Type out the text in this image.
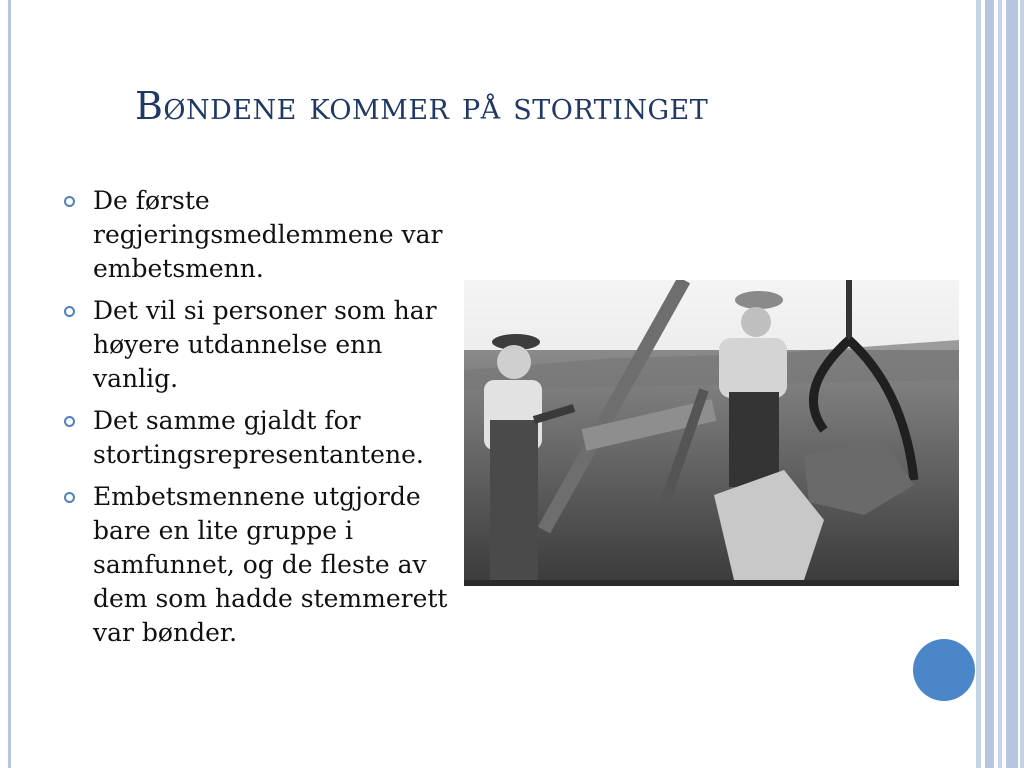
Bøndene kommer på stortinget
De første regjeringsmedlemmene var embetsmenn.
Det vil si personer som har høyere utdannelse enn vanlig.
Det samme gjaldt for stortingsrepresentantene.
Embetsmennene utgjorde bare en lite gruppe i samfunnet, og de fleste av dem som hadde stemmerett var bønder.
